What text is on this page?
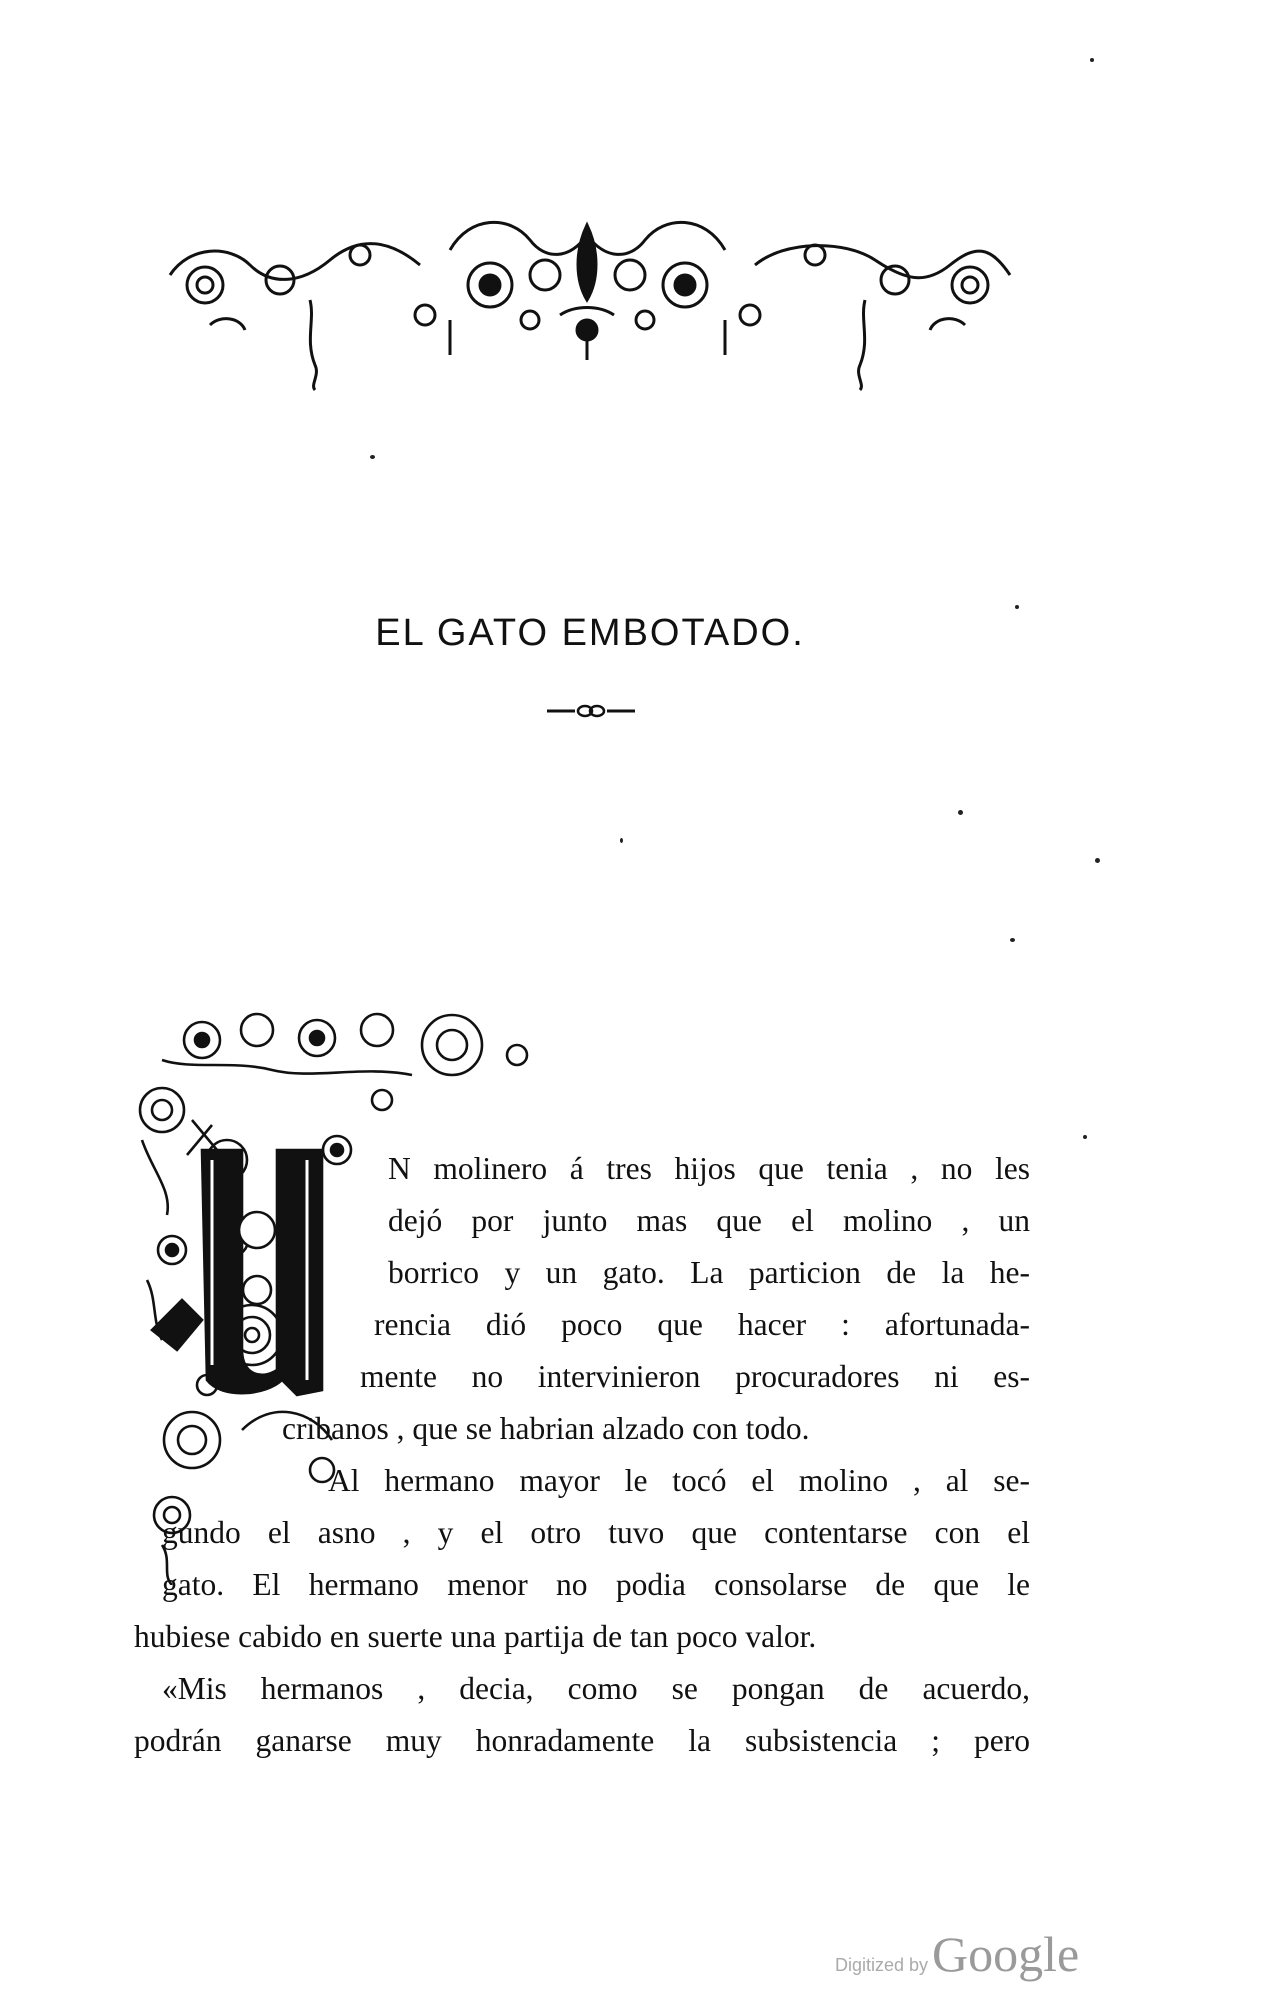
EL GATO EMBOTADO.
N molinero á tres hijos que tenia , no les
dejó por junto mas que el molino , un
borrico y un gato. La particion de la he-
rencia dió poco que hacer : afortunada-
mente no intervinieron procuradores ni es-
cribanos , que se habrian alzado con todo.
Al hermano mayor le tocó el molino , al se-
gundo el asno , y el otro tuvo que contentarse con el
gato. El hermano menor no podia consolarse de que le
hubiese cabido en suerte una partija de tan poco valor.
«Mis hermanos , decia, como se pongan de acuerdo,
podrán ganarse muy honradamente la subsistencia ; pero
Digitized by Google
